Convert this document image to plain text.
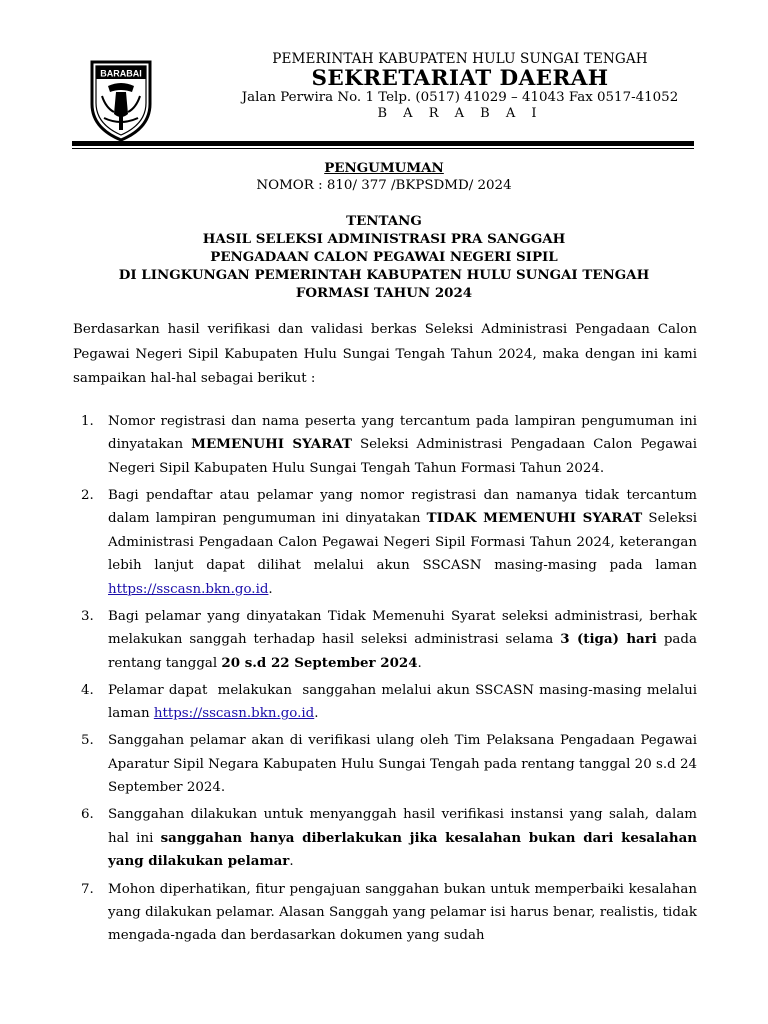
BARABAI
PEMERINTAH KABUPATEN HULU SUNGAI TENGAH
SEKRETARIAT DAERAH
Jalan Perwira No. 1 Telp. (0517) 41029 – 41043 Fax 0517-41052
B A R A B A I
PENGUMUMAN
NOMOR : 810/ 377 /BKPSDMD/ 2024
TENTANG
HASIL SELEKSI ADMINISTRASI PRA SANGGAH
PENGADAAN CALON PEGAWAI NEGERI SIPIL
DI LINGKUNGAN PEMERINTAH KABUPATEN HULU SUNGAI TENGAH
FORMASI TAHUN 2024
Berdasarkan hasil verifikasi dan validasi berkas Seleksi Administrasi Pengadaan Calon Pegawai Negeri Sipil Kabupaten Hulu Sungai Tengah Tahun 2024, maka dengan ini kami sampaikan hal-hal sebagai berikut :
1. Nomor registrasi dan nama peserta yang tercantum pada lampiran pengumuman ini dinyatakan MEMENUHI SYARAT Seleksi Administrasi Pengadaan Calon Pegawai Negeri Sipil Kabupaten Hulu Sungai Tengah Tahun Formasi Tahun 2024.
2. Bagi pendaftar atau pelamar yang nomor registrasi dan namanya tidak tercantum dalam lampiran pengumuman ini dinyatakan TIDAK MEMENUHI SYARAT Seleksi Administrasi Pengadaan Calon Pegawai Negeri Sipil Formasi Tahun 2024, keterangan lebih lanjut dapat dilihat melalui akun SSCASN masing-masing pada laman https://sscasn.bkn.go.id.
3. Bagi pelamar yang dinyatakan Tidak Memenuhi Syarat seleksi administrasi, berhak melakukan sanggah terhadap hasil seleksi administrasi selama 3 (tiga) hari pada rentang tanggal 20 s.d 22 September 2024.
4. Pelamar dapat  melakukan  sanggahan melalui akun SSCASN masing-masing melalui laman https://sscasn.bkn.go.id.
5. Sanggahan pelamar akan di verifikasi ulang oleh Tim Pelaksana Pengadaan Pegawai Aparatur Sipil Negara Kabupaten Hulu Sungai Tengah pada rentang tanggal 20 s.d 24 September 2024.
6. Sanggahan dilakukan untuk menyanggah hasil verifikasi instansi yang salah, dalam hal ini sanggahan hanya diberlakukan jika kesalahan bukan dari kesalahan yang dilakukan pelamar.
7. Mohon diperhatikan, fitur pengajuan sanggahan bukan untuk memperbaiki kesalahan yang dilakukan pelamar. Alasan Sanggah yang pelamar isi harus benar, realistis, tidak mengada-ngada dan berdasarkan dokumen yang sudah
